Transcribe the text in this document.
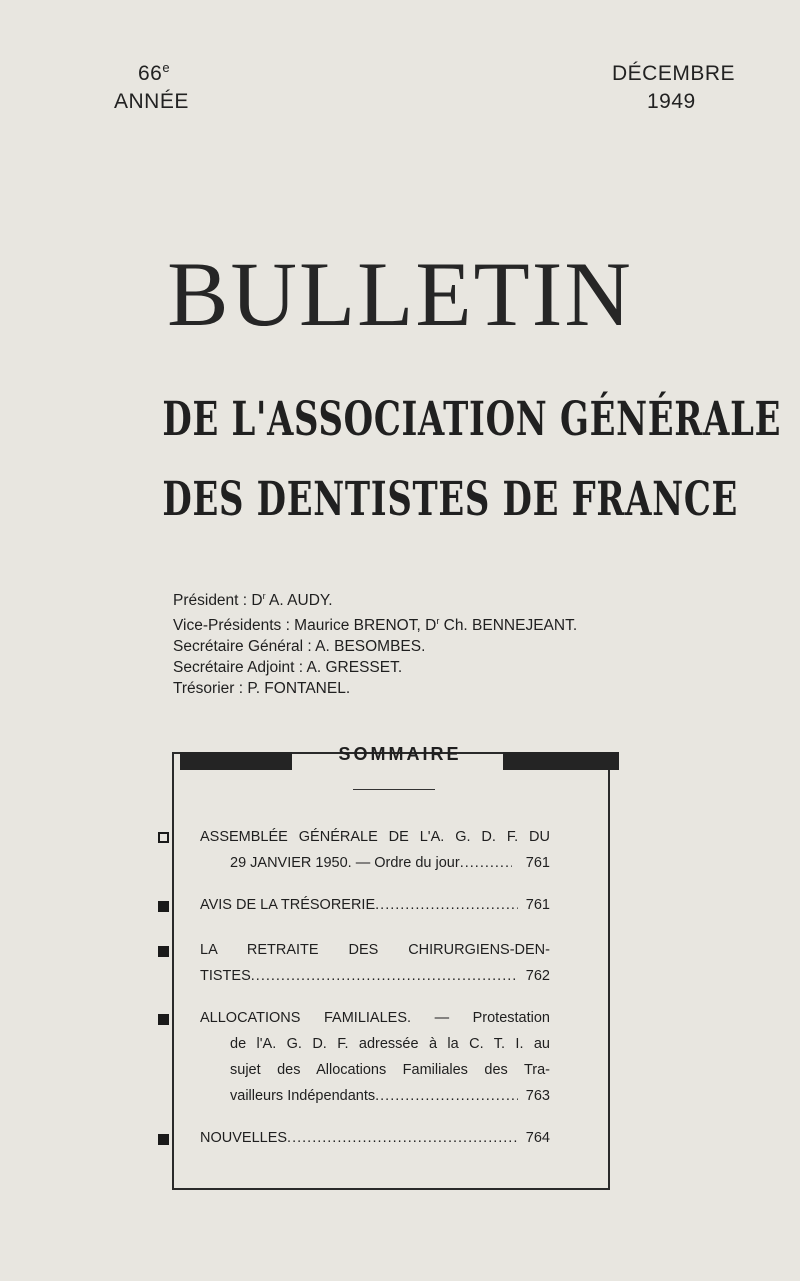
66e
ANNÉE
DÉCEMBRE
1949
BULLETIN
DE L'ASSOCIATION GÉNÉRALE
DES DENTISTES DE FRANCE
Président : $D^r$ A. AUDY.
Vice-Présidents : Maurice BRENOT, $D^r$ Ch. BENNEJEANT.
Secrétaire Général : A. BESOMBES.
Secrétaire Adjoint : A. GRESSET.
Trésorier : P. FONTANEL.
SOMMAIRE
ASSEMBLÉE GÉNÉRALE DE L'A. G. D. F. DU
29 JANVIER 1950. — Ordre du jour .....	761
AVIS DE LA TRÉSORERIE .....	761
LA RETRAITE DES CHIRURGIENS-DEN-
TISTES .....	762
ALLOCATIONS FAMILIALES. — Protestation
de l'A. G. D. F. adressée à la C. T. I. au
sujet des Allocations Familiales des Tra-
vailleurs Indépendants .....	763
NOUVELLES .....	764
